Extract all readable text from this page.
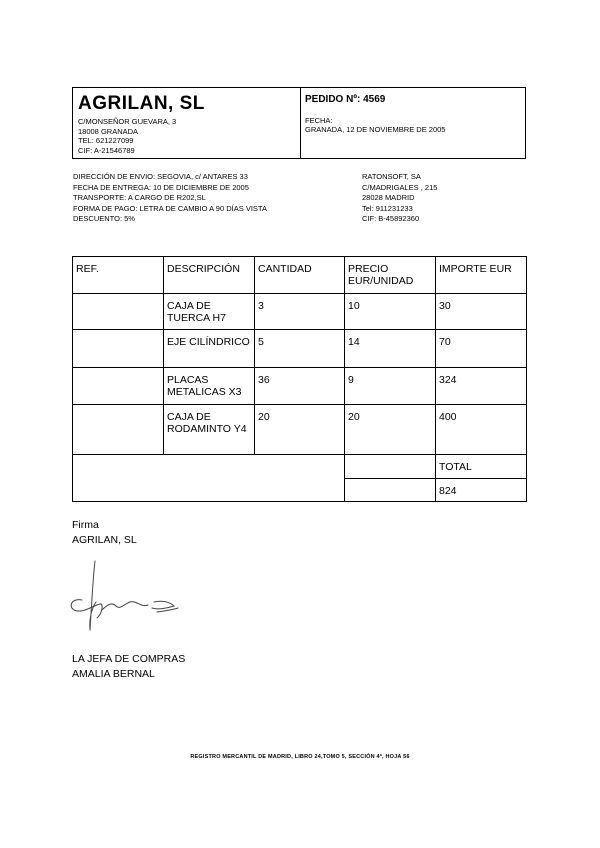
AGRILAN, SL
C/MONSEÑOR GUEVARA, 3
18008 GRANADA
TEL: 621227099
CIF: A-21546789
PEDIDO Nº: 4569
FECHA:
GRANADA, 12 DE NOVIEMBRE DE 2005
DIRECCIÓN DE ENVIO: SEGOVIA, c/ ANTARES 33
FECHA DE ENTREGA: 10 DE DICIEMBRE DE 2005
TRANSPORTE: A CARGO DE R202,SL
FORMA DE PAGO: LETRA DE CAMBIO A 90 DÍAS VISTA
DESCUENTO: 5%
RATONSOFT, SA
C/MADRIGALES , 215
28028 MADRID
Tel: 911231233
CIF: B-45892360
REF.	DESCRIPCIÓN	CANTIDAD	PRECIO EUR/UNIDAD	IMPORTE EUR
	CAJA DE TUERCA H7	3	10	30
	EJE CILÍNDRICO	5	14	70
	PLACAS METALICAS X3	36	9	324
	CAJA DE RODAMINTO Y4	20	20	400
				TOTAL
				824
Firma
AGRILAN, SL
LA JEFA DE COMPRAS
AMALIA BERNAL
REGISTRO MERCANTIL DE MADRID, LIBRO 24,TOMO 5, SECCIÓN 4ª, HOJA 56
